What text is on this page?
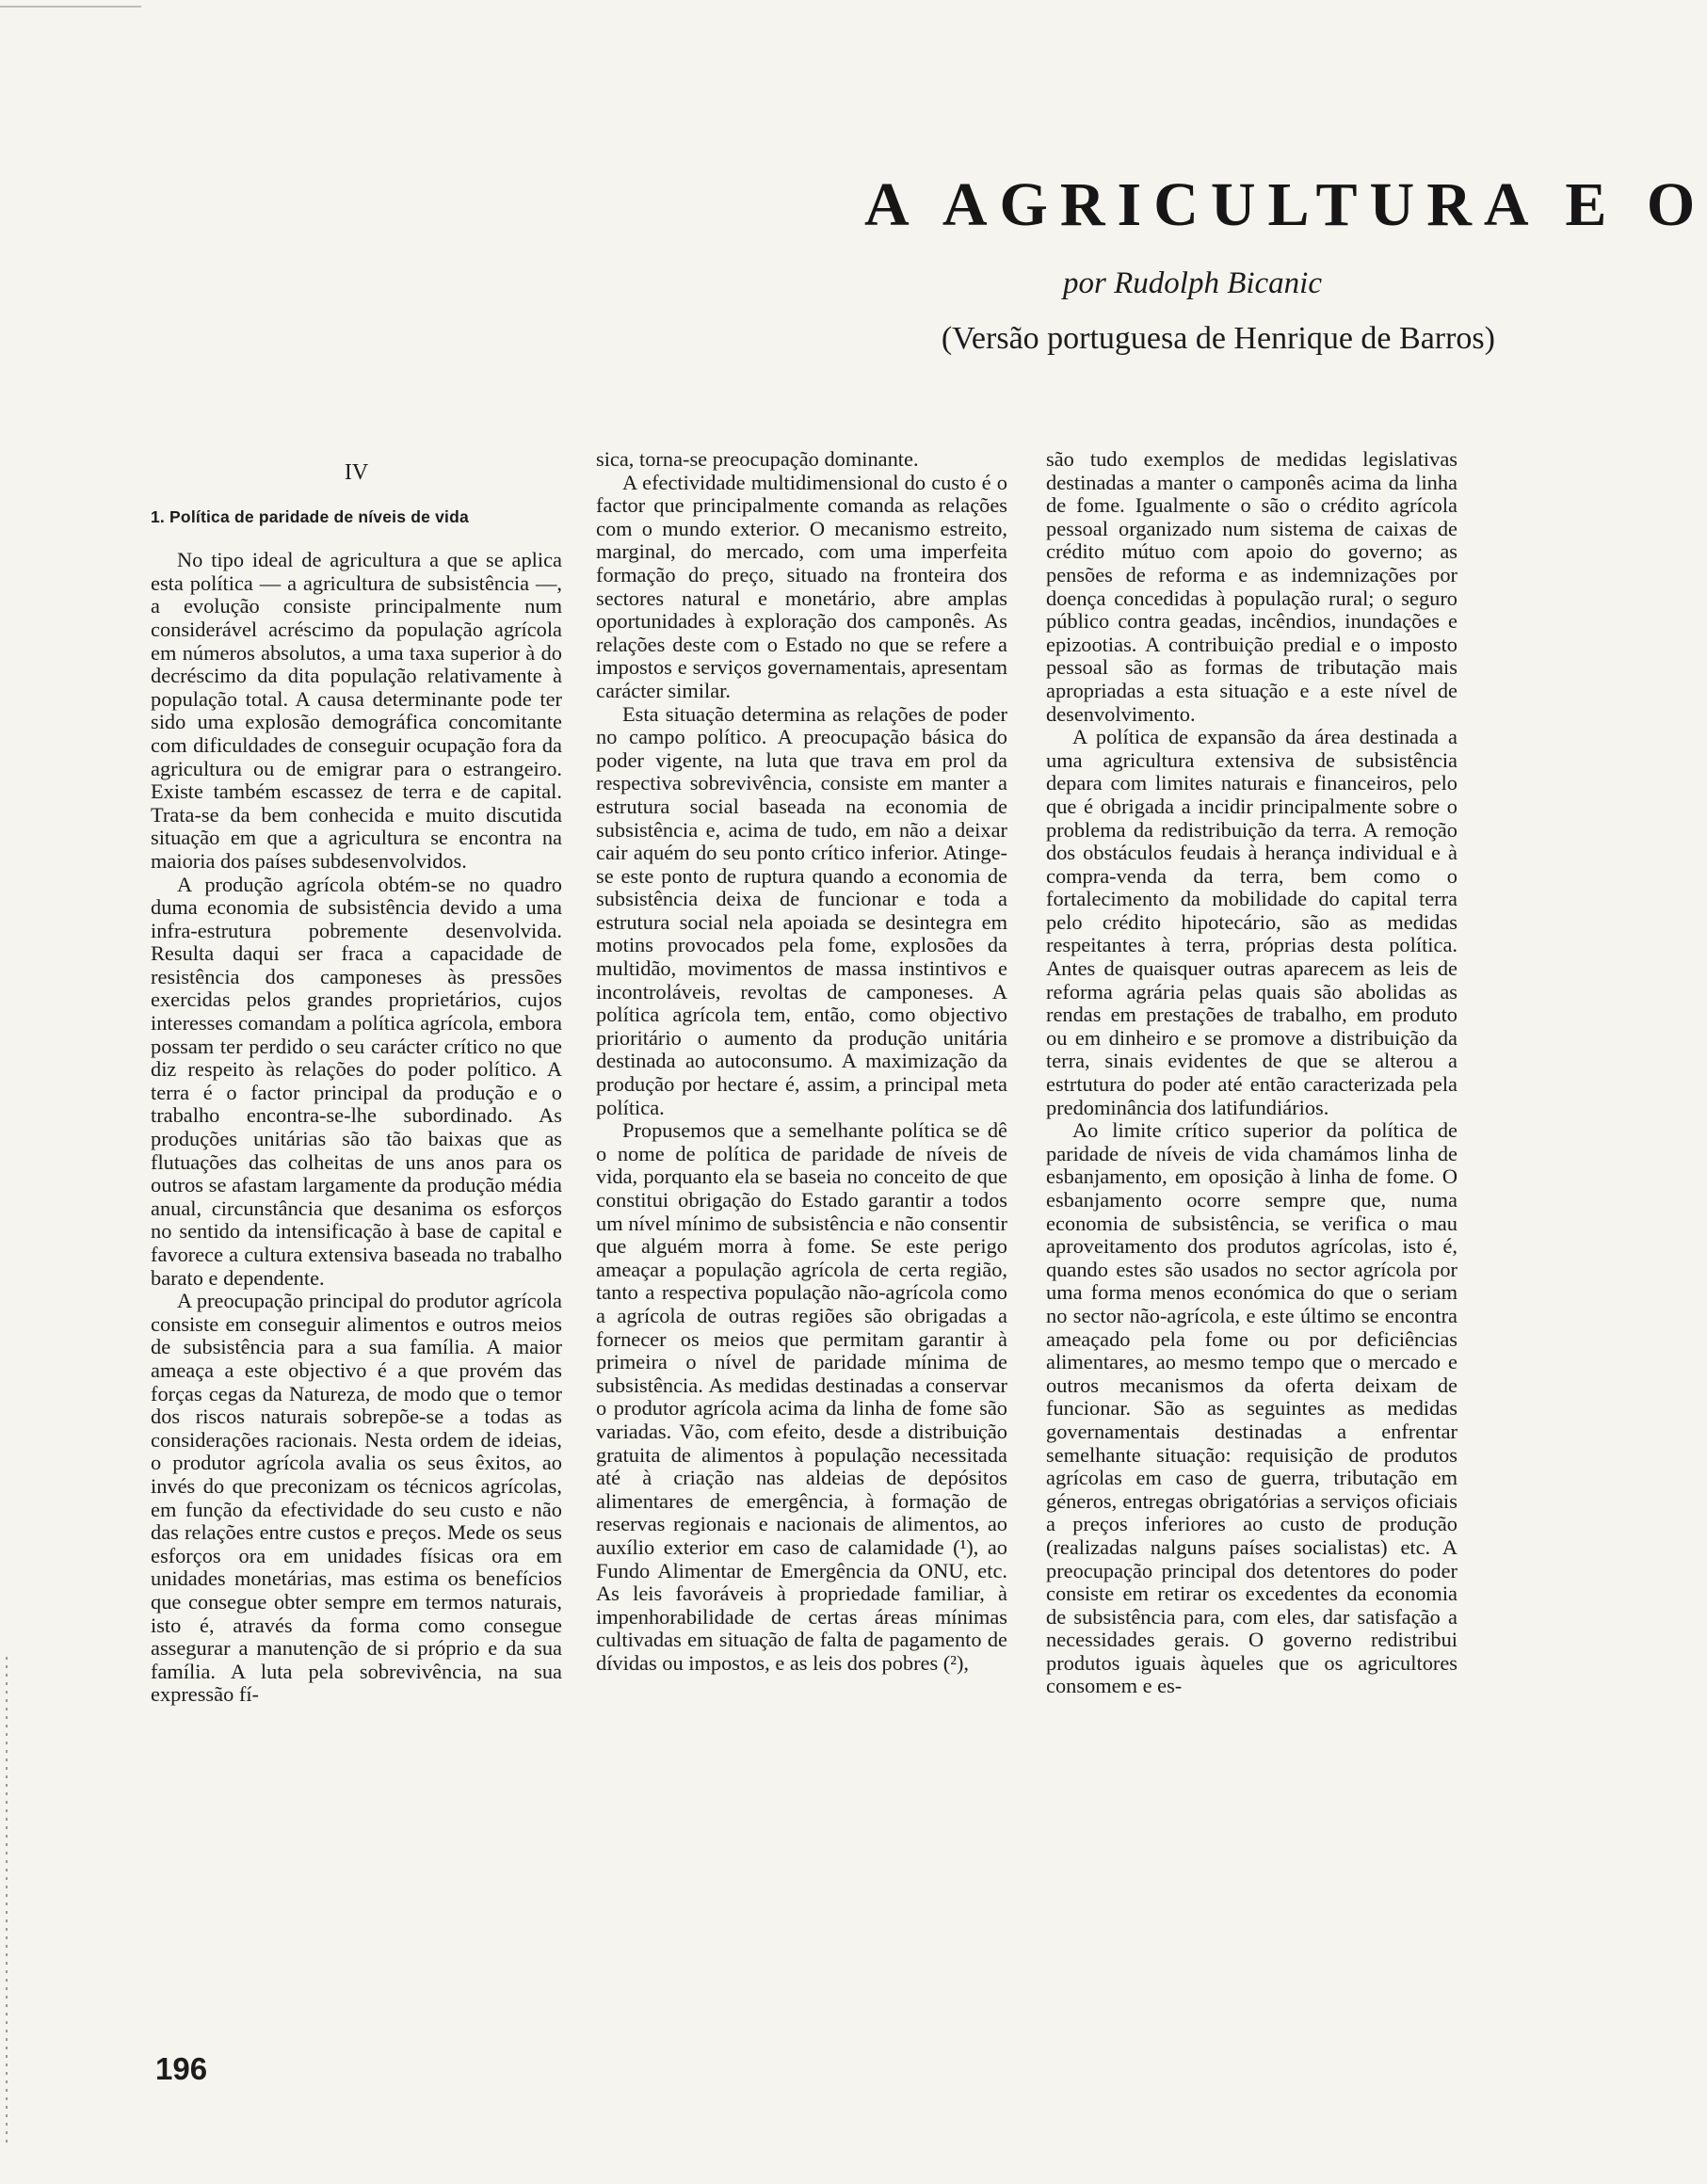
A AGRICULTURA E O
por Rudolph Bicanic
(Versão portuguesa de Henrique de Barros)
IV
1. Política de paridade de níveis de vida

No tipo ideal de agricultura a que se aplica esta política — a agricultura de subsistência —, a evolução consiste principalmente num considerável acréscimo da população agrícola em números absolutos, a uma taxa superior à do decréscimo da dita população relativamente à população total. A causa determinante pode ter sido uma explosão demográfica concomitante com dificuldades de conseguir ocupação fora da agricultura ou de emigrar para o estrangeiro. Existe também escassez de terra e de capital. Trata-se da bem conhecida e muito discutida situação em que a agricultura se encontra na maioria dos países subdesenvolvidos.

A produção agrícola obtém-se no quadro duma economia de subsistência devido a uma infra-estrutura pobremente desenvolvida. Resulta daqui ser fraca a capacidade de resistência dos camponeses às pressões exercidas pelos grandes proprietários, cujos interesses comandam a política agrícola, embora possam ter perdido o seu carácter crítico no que diz respeito às relações do poder político. A terra é o factor principal da produção e o trabalho encontra-se-lhe subordinado. As produções unitárias são tão baixas que as flutuações das colheitas de uns anos para os outros se afastam largamente da produção média anual, circunstância que desanima os esforços no sentido da intensificação à base de capital e favorece a cultura extensiva baseada no trabalho barato e dependente.

A preocupação principal do produtor agrícola consiste em conseguir alimentos e outros meios de subsistência para a sua família. A maior ameaça a este objectivo é a que provém das forças cegas da Natureza, de modo que o temor dos riscos naturais sobrepõe-se a todas as considerações racionais. Nesta ordem de ideias, o produtor agrícola avalia os seus êxitos, ao invés do que preconizam os técnicos agrícolas, em função da efectividade do seu custo e não das relações entre custos e preços. Mede os seus esforços ora em unidades físicas ora em unidades monetárias, mas estima os benefícios que consegue obter sempre em termos naturais, isto é, através da forma como consegue assegurar a manutenção de si próprio e da sua família. A luta pela sobrevivência, na sua expressão fí-

sica, torna-se preocupação dominante.

A efectividade multidimensional do custo é o factor que principalmente comanda as relações com o mundo exterior. O mecanismo estreito, marginal, do mercado, com uma imperfeita formação do preço, situado na fronteira dos sectores natural e monetário, abre amplas oportunidades à exploração dos camponês. As relações deste com o Estado no que se refere a impostos e serviços governamentais, apresentam carácter similar.

Esta situação determina as relações de poder no campo político. A preocupação básica do poder vigente, na luta que trava em prol da respectiva sobrevivência, consiste em manter a estrutura social baseada na economia de subsistência e, acima de tudo, em não a deixar cair aquém do seu ponto crítico inferior. Atinge-se este ponto de ruptura quando a economia de subsistência deixa de funcionar e toda a estrutura social nela apoiada se desintegra em motins provocados pela fome, explosões da multidão, movimentos de massa instintivos e incontroláveis, revoltas de camponeses. A política agrícola tem, então, como objectivo prioritário o aumento da produção unitária destinada ao autoconsumo. A maximização da produção por hectare é, assim, a principal meta política.

Propusemos que a semelhante política se dê o nome de política de paridade de níveis de vida, porquanto ela se baseia no conceito de que constitui obrigação do Estado garantir a todos um nível mínimo de subsistência e não consentir que alguém morra à fome. Se este perigo ameaçar a população agrícola de certa região, tanto a respectiva população não-agrícola como a agrícola de outras regiões são obrigadas a fornecer os meios que permitam garantir à primeira o nível de paridade mínima de subsistência. As medidas destinadas a conservar o produtor agrícola acima da linha de fome são variadas. Vão, com efeito, desde a distribuição gratuita de alimentos à população necessitada até à criação nas aldeias de depósitos alimentares de emergência, à formação de reservas regionais e nacionais de alimentos, ao auxílio exterior em caso de calamidade (¹), ao Fundo Alimentar de Emergência da ONU, etc. As leis favoráveis à propriedade familiar, à impenhorabilidade de certas áreas mínimas cultivadas em situação de falta de pagamento de dívidas ou impostos, e as leis dos pobres (²),

são tudo exemplos de medidas legislativas destinadas a manter o camponês acima da linha de fome. Igualmente o são o crédito agrícola pessoal organizado num sistema de caixas de crédito mútuo com apoio do governo; as pensões de reforma e as indemnizações por doença concedidas à população rural; o seguro público contra geadas, incêndios, inundações e epizootias. A contribuição predial e o imposto pessoal são as formas de tributação mais apropriadas a esta situação e a este nível de desenvolvimento.

A política de expansão da área destinada a uma agricultura extensiva de subsistência depara com limites naturais e financeiros, pelo que é obrigada a incidir principalmente sobre o problema da redistribuição da terra. A remoção dos obstáculos feudais à herança individual e à compra-venda da terra, bem como o fortalecimento da mobilidade do capital terra pelo crédito hipotecário, são as medidas respeitantes à terra, próprias desta política. Antes de quaisquer outras aparecem as leis de reforma agrária pelas quais são abolidas as rendas em prestações de trabalho, em produto ou em dinheiro e se promove a distribuição da terra, sinais evidentes de que se alterou a estrtutura do poder até então caracterizada pela predominância dos latifundiários.

Ao limite crítico superior da política de paridade de níveis de vida chamámos linha de esbanjamento, em oposição à linha de fome. O esbanjamento ocorre sempre que, numa economia de subsistência, se verifica o mau aproveitamento dos produtos agrícolas, isto é, quando estes são usados no sector agrícola por uma forma menos económica do que o seriam no sector não-agrícola, e este último se encontra ameaçado pela fome ou por deficiências alimentares, ao mesmo tempo que o mercado e outros mecanismos da oferta deixam de funcionar. São as seguintes as medidas governamentais destinadas a enfrentar semelhante situação: requisição de produtos agrícolas em caso de guerra, tributação em géneros, entregas obrigatórias a serviços oficiais a preços inferiores ao custo de produção (realizadas nalguns países socialistas) etc. A preocupação principal dos detentores do poder consiste em retirar os excedentes da economia de subsistência para, com eles, dar satisfação a necessidades gerais. O governo redistribui produtos iguais àqueles que os agricultores consomem e es-

196
